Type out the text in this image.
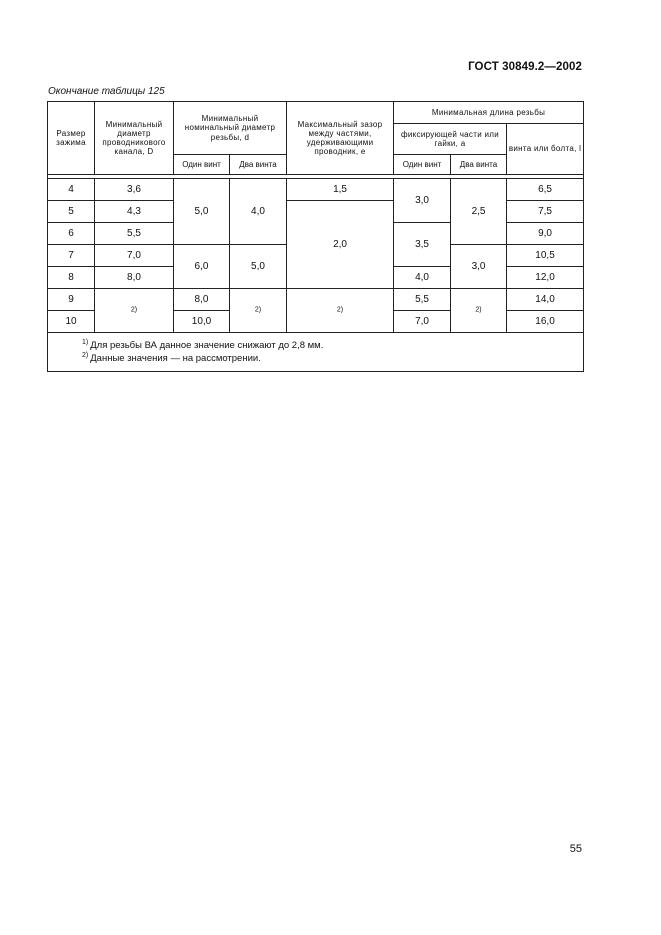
ГОСТ 30849.2—2002
Окончание таблицы 125
Размер зажима	Минимальный диаметр проводникового канала, D	Минимальный номинальный диаметр резьбы, d		Максимальный зазор между частями, удерживающими проводник, e	Минимальная длина резьбы		
					фиксирующей части или гайки, a		винта или болта, l
		Один винт	Два винта		Один винт	Два винта	

4	3,6	5,0	4,0	1,5	3,0	2,5	6,5
5	4,3			2,0			7,5
6	5,5				3,5		9,0
7	7,0	6,0	5,0			3,0	10,5
8	8,0				4,0		12,0
9	2)	8,0	2)	2)	5,5	2)	14,0
10		10,0			7,0		16,0

$^{1)}$ Для резьбы ВА данное значение снижают до 2,8 мм.
$^{2)}$ Данные значения — на рассмотрении.							
55
